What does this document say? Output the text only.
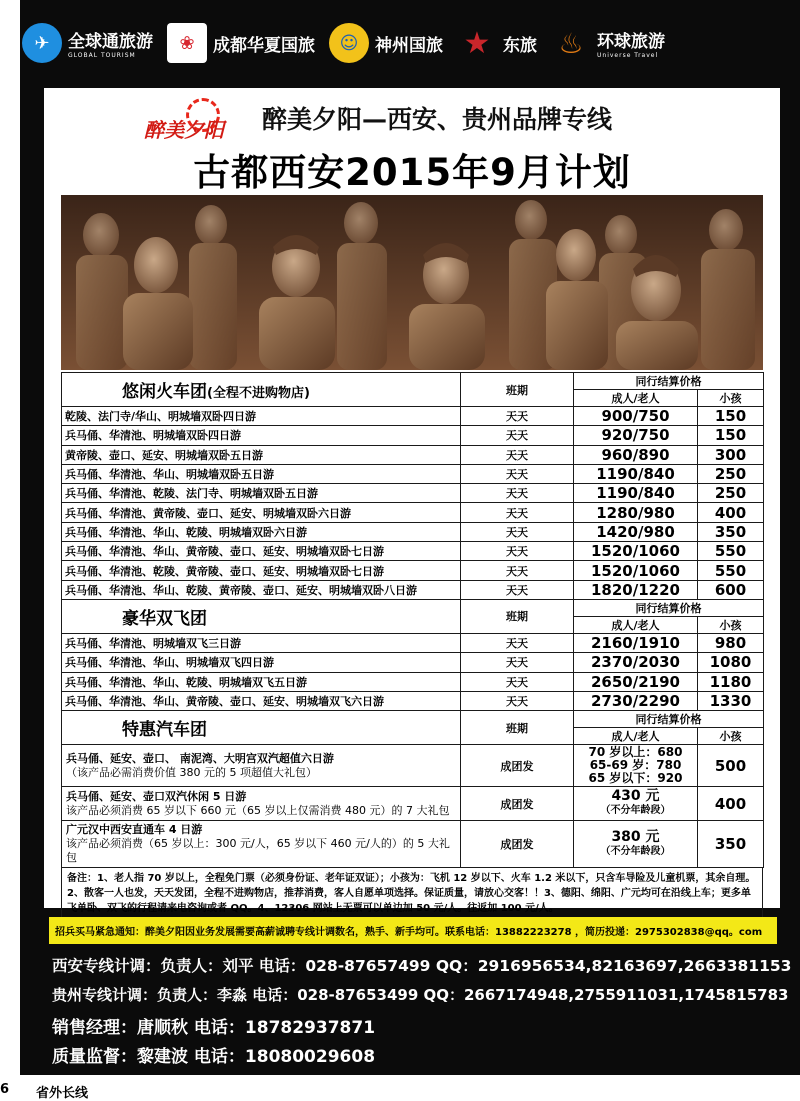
✈	全球通旅游
GLOBAL TOURISM
❀	成都华夏国旅	☺ 神州国旅 ★ 东旅 ♨ 环球旅游
Universe Travel
醉美夕阳 醉美夕阳—西安、贵州品牌专线
古都西安2015年9月计划
悠闲火车团(全程不进购物店)	班期	同行结算价格	
		成人/老人	小孩
乾陵、法门寺/华山、明城墙双卧四日游	天天	900/750	150
兵马俑、华清池、明城墙双卧四日游	天天	920/750	150
黄帝陵、壶口、延安、明城墙双卧五日游	天天	960/890	300
兵马俑、华清池、华山、明城墙双卧五日游	天天	1190/840	250
兵马俑、华清池、乾陵、法门寺、明城墙双卧五日游	天天	1190/840	250
兵马俑、华清池、黄帝陵、壶口、延安、明城墙双卧六日游	天天	1280/980	400
兵马俑、华清池、华山、乾陵、明城墙双卧六日游	天天	1420/980	350
兵马俑、华清池、华山、黄帝陵、壶口、延安、明城墙双卧七日游	天天	1520/1060	550
兵马俑、华清池、乾陵、黄帝陵、壶口、延安、明城墙双卧七日游	天天	1520/1060	550
兵马俑、华清池、华山、乾陵、黄帝陵、壶口、延安、明城墙双卧八日游	天天	1820/1220	600
豪华双飞团	班期	同行结算价格	
		成人/老人	小孩
兵马俑、华清池、明城墙双飞三日游	天天	2160/1910	980
兵马俑、华清池、华山、明城墙双飞四日游	天天	2370/2030	1080
兵马俑、华清池、华山、乾陵、明城墙双飞五日游	天天	2650/2190	1180
兵马俑、华清池、华山、黄帝陵、壶口、延安、明城墙双飞六日游	天天	2730/2290	1330
特惠汽车团	班期	同行结算价格	
		成人/老人	小孩
兵马俑、延安、壶口、 南泥湾、大明宫双汽超值六日游
（该产品必需消费价值 380 元的 5 项超值大礼包）	成团发	70 岁以上：680
65-69 岁：780
65 岁以下：920	500
兵马俑、延安、壶口双汽休闲 5 日游
该产品必须消费 65 岁以下 660 元（65 岁以上仅需消费 480 元）的 7 大礼包	成团发	430 元
（不分年龄段）	400
广元汉中西安直通车 4 日游
该产品必须消费（65 岁以上：300 元/人，65 岁以下 460 元/人的）的 5 大礼包	成团发	380 元
（不分年龄段）	350
备注：1、老人指 70 岁以上，全程免门票（必须身份证、老年证双证）；小孩为：飞机 12 岁以下、火车 1.2 米以下，只含车导险及儿童机票，其余自理。2、散客一人也发，天天发团，全程不进购物店，推荐消费，客人自愿单项选择。保证质量，请放心交客！！3、德阳、绵阳、广元均可在沿线上车；更多单飞单卧、双飞的行程请来电咨询或者 QQ。4、12306 网站上无票可以单边加 50 元/人。往返加 100 元/人。
招兵买马紧急通知：醉美夕阳因业务发展需要高薪诚聘专线计调数名，熟手、新手均可。联系电话：13882223278 ，简历投递：2975302838@qq。com
西安专线计调：负责人：刘平 电话：028-87657499 QQ：2916956534,82163697,2663381153
贵州专线计调：负责人：李淼 电话：028-87653499 QQ：2667174948,2755911031,1745815783
销售经理：唐顺秋 电话：18782937871
质量监督：黎建波 电话：18080029608
6 省外长线
